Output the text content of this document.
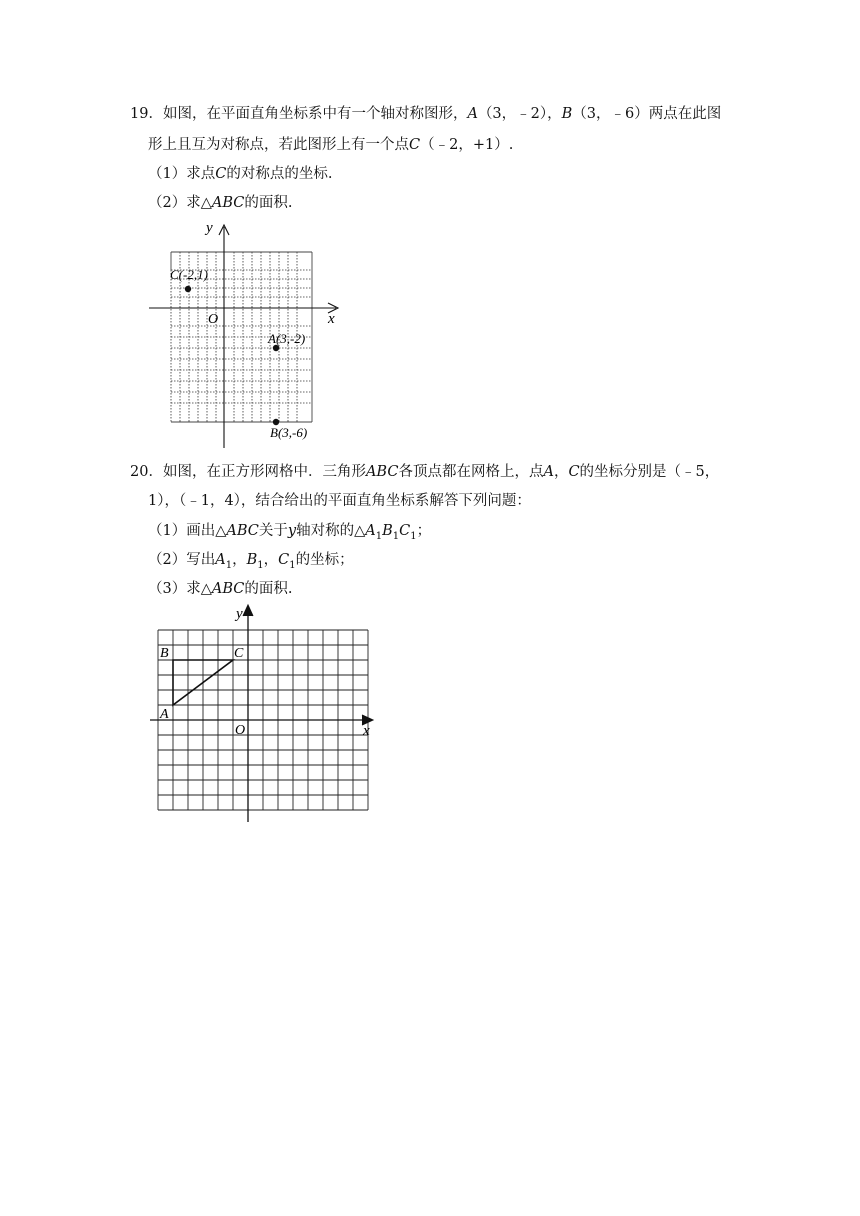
19．如图，在平面直角坐标系中有一个轴对称图形，A（3，﹣2），B（3，﹣6）两点在此图
形上且互为对称点，若此图形上有一个点C（﹣2，+1）.
（1）求点C的对称点的坐标.
（2）求△ABC的面积.
y
x
O
C(-2,1)
A(3,-2)
B(3,-6)
20．如图，在正方形网格中．三角形ABC各顶点都在网格上，点A，C的坐标分别是（﹣5，
1），（﹣1，4），结合给出的平面直角坐标系解答下列问题：
（1）画出△ABC关于y轴对称的$\triangle A_1B_1C_1$；
（2）写出$A_1$，$B_1$，$C_1$的坐标；
（3）求△ABC的面积.
y
x
O
B	C
A
